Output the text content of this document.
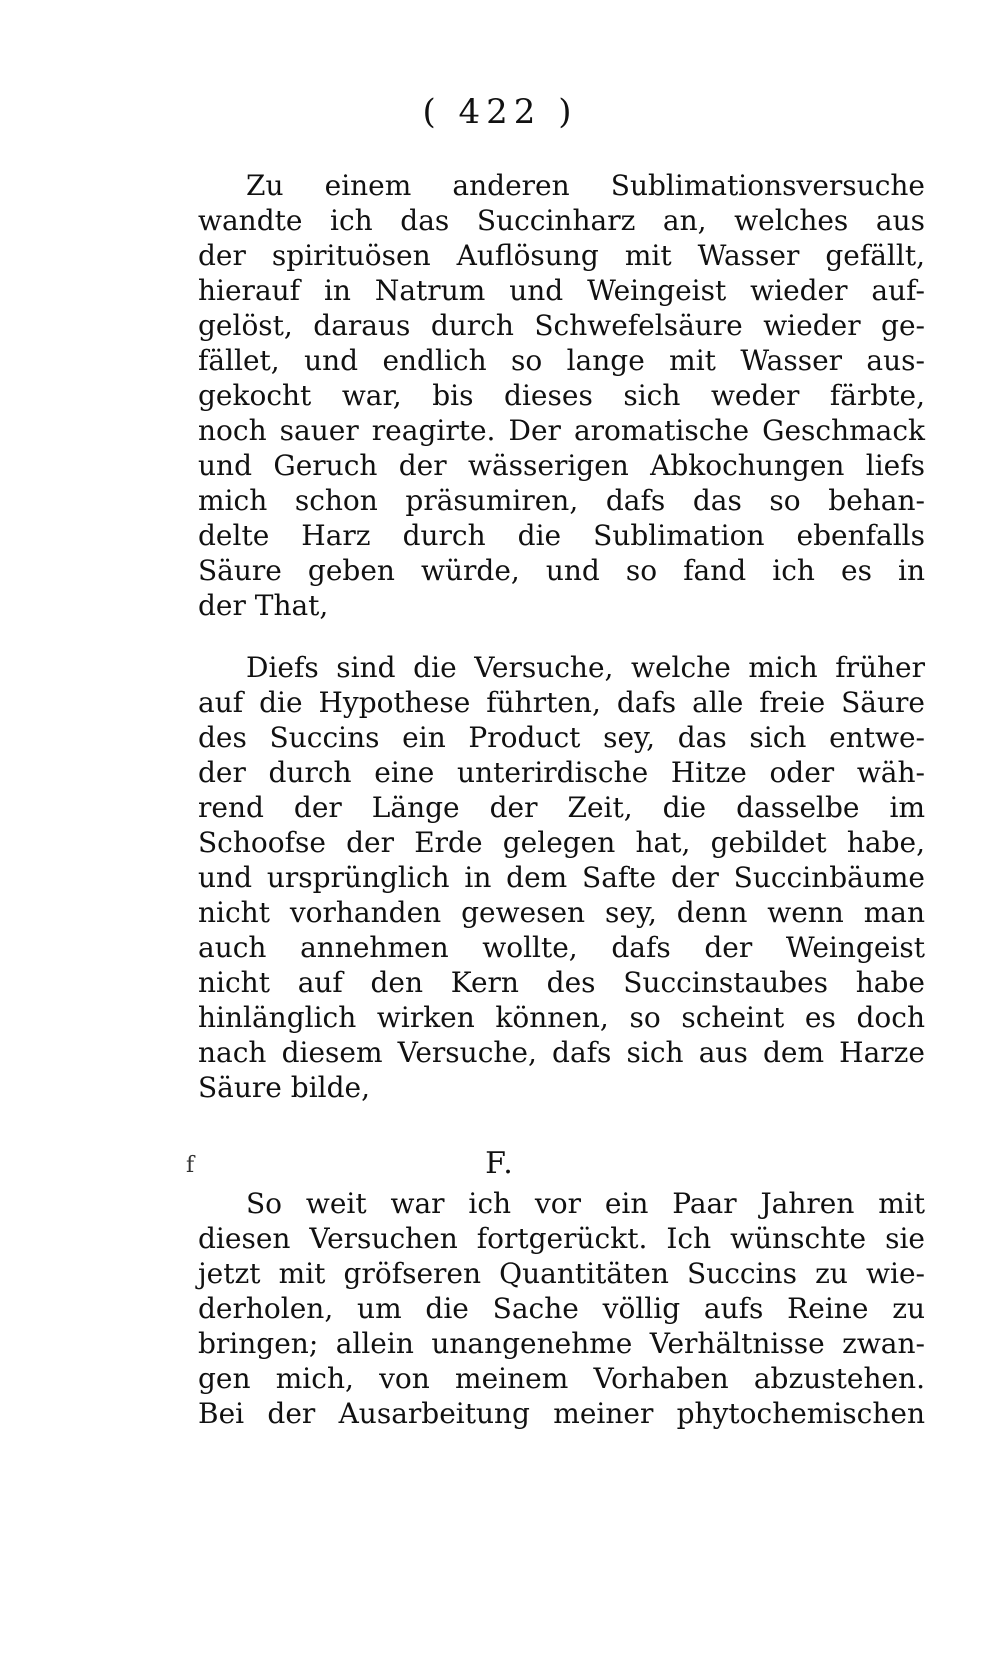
( 422 )
Zu einem anderen Sublimationsversuche
wandte ich das Succinharz an, welches aus
der spirituösen Auflösung mit Wasser gefällt,
hierauf in Natrum und Weingeist wieder auf-
gelöst, daraus durch Schwefelsäure wieder ge-
fället, und endlich so lange mit Wasser aus-
gekocht war, bis dieses sich weder färbte,
noch sauer reagirte. Der aromatische Geschmack
und Geruch der wässerigen Abkochungen liefs
mich schon präsumiren, dafs das so behan-
delte Harz durch die Sublimation ebenfalls
Säure geben würde, und so fand ich es in
der That,
Diefs sind die Versuche, welche mich früher
auf die Hypothese führten, dafs alle freie Säure
des Succins ein Product sey, das sich entwe-
der durch eine unterirdische Hitze oder wäh-
rend der Länge der Zeit, die dasselbe im
Schoofse der Erde gelegen hat, gebildet habe,
und ursprünglich in dem Safte der Succinbäume
nicht vorhanden gewesen sey, denn wenn man
auch annehmen wollte, dafs der Weingeist
nicht auf den Kern des Succinstaubes habe
hinlänglich wirken können, so scheint es doch
nach diesem Versuche, dafs sich aus dem Harze
Säure bilde,
f	F.
So weit war ich vor ein Paar Jahren mit
diesen Versuchen fortgerückt. Ich wünschte sie
jetzt mit gröfseren Quantitäten Succins zu wie-
derholen, um die Sache völlig aufs Reine zu
bringen; allein unangenehme Verhältnisse zwan-
gen mich, von meinem Vorhaben abzustehen.
Bei der Ausarbeitung meiner phytochemischen
